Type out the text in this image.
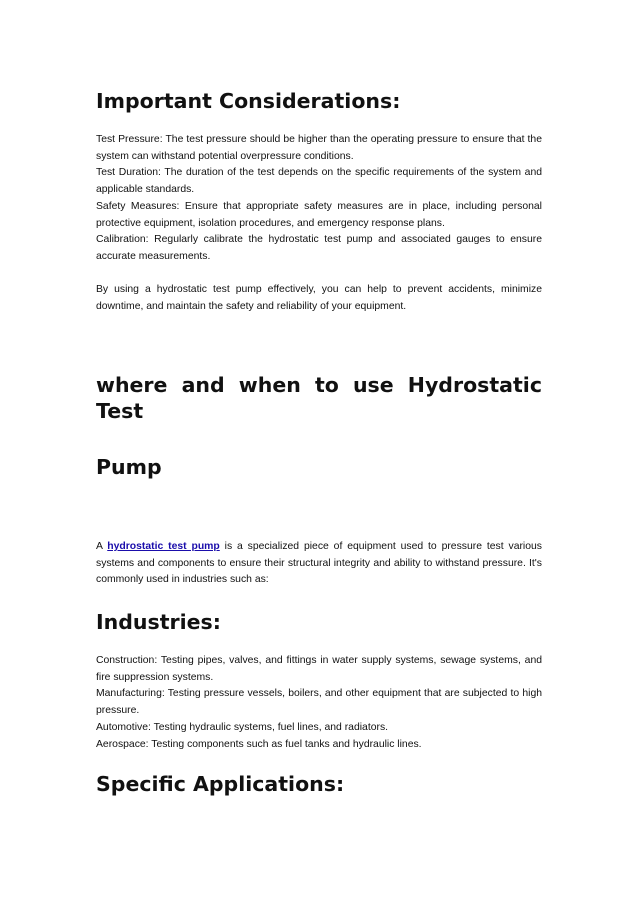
Important Considerations:

Test Pressure: The test pressure should be higher than the operating pressure to ensure that the system can withstand potential overpressure conditions.

Test Duration: The duration of the test depends on the specific requirements of the system and applicable standards.

Safety Measures: Ensure that appropriate safety measures are in place, including personal protective equipment, isolation procedures, and emergency response plans.

Calibration: Regularly calibrate the hydrostatic test pump and associated gauges to ensure accurate measurements.

By using a hydrostatic test pump effectively, you can help to prevent accidents, minimize downtime, and maintain the safety and reliability of your equipment.

where and when to use Hydrostatic Test
Pump

A hydrostatic test pump is a specialized piece of equipment used to pressure test various systems and components to ensure their structural integrity and ability to withstand pressure. It's commonly used in industries such as:

Industries:

Construction: Testing pipes, valves, and fittings in water supply systems, sewage systems, and fire suppression systems.

Manufacturing: Testing pressure vessels, boilers, and other equipment that are subjected to high pressure.

Automotive: Testing hydraulic systems, fuel lines, and radiators.

Aerospace: Testing components such as fuel tanks and hydraulic lines.

Specific Applications:
